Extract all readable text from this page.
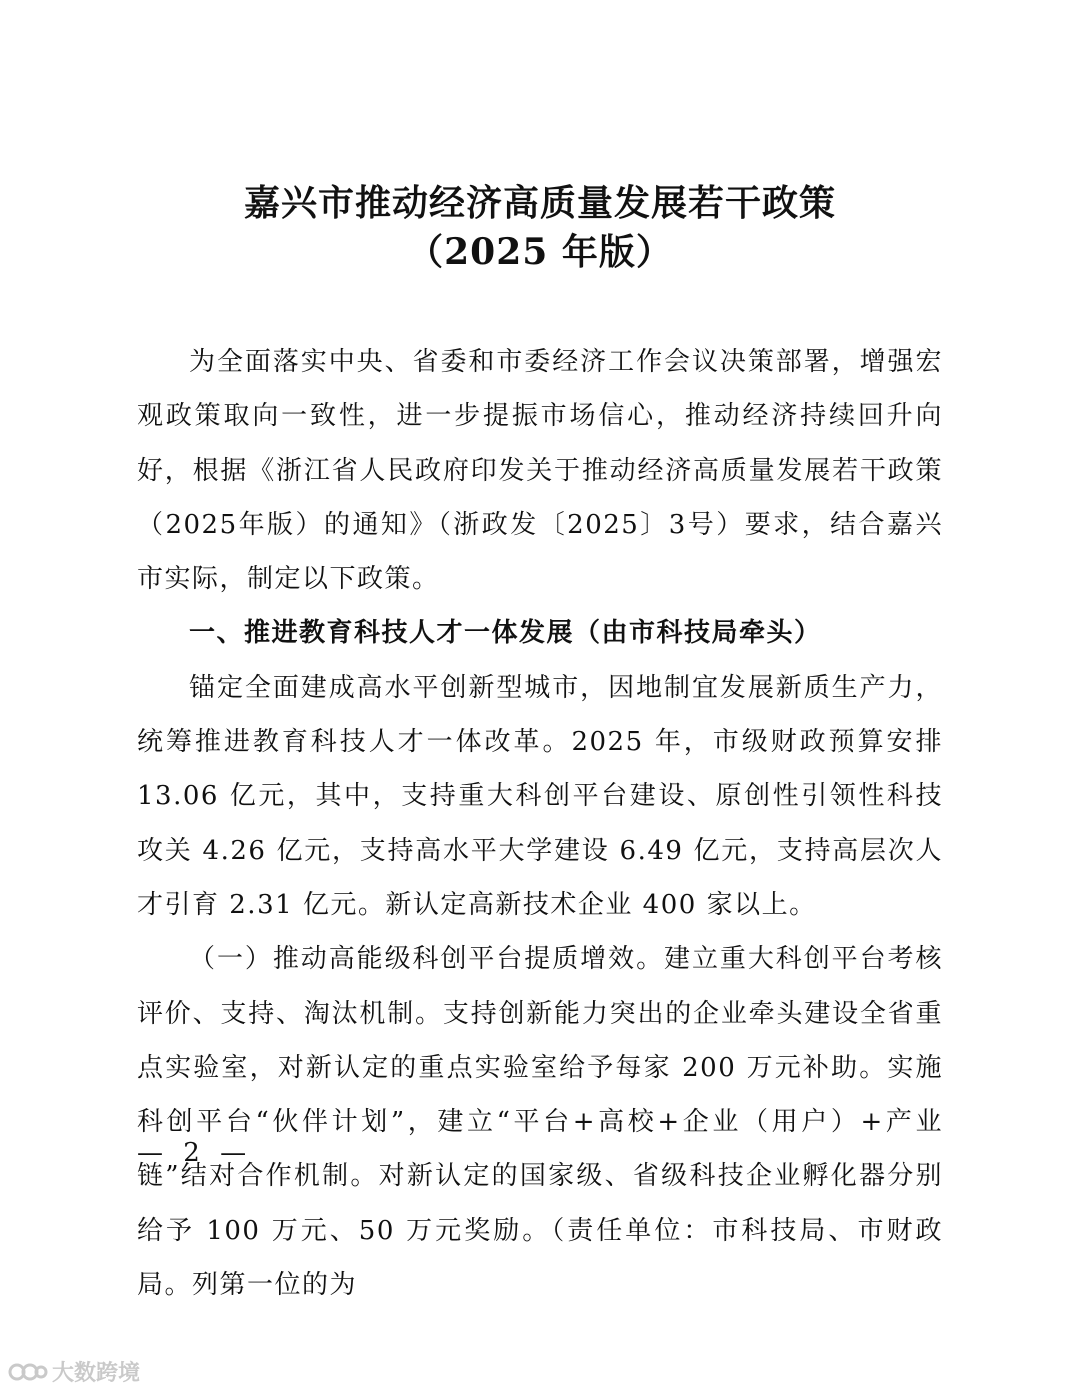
嘉兴市推动经济高质量发展若干政策
（2025 年版）

为全面落实中央、省委和市委经济工作会议决策部署，增强宏观政策取向一致性，进一步提振市场信心，推动经济持续回升向好，根据《浙江省人民政府印发关于推动经济高质量发展若干政策（2025年版）的通知》（浙政发〔2025〕3号）要求，结合嘉兴市实际，制定以下政策。

一、推进教育科技人才一体发展（由市科技局牵头）

锚定全面建成高水平创新型城市，因地制宜发展新质生产力，统筹推进教育科技人才一体改革。2025 年，市级财政预算安排 13.06 亿元，其中，支持重大科创平台建设、原创性引领性科技攻关 4.26 亿元，支持高水平大学建设 6.49 亿元，支持高层次人才引育 2.31 亿元。新认定高新技术企业 400 家以上。

（一）推动高能级科创平台提质增效。建立重大科创平台考核评价、支持、淘汰机制。支持创新能力突出的企业牵头建设全省重点实验室，对新认定的重点实验室给予每家 200 万元补助。实施科创平台“伙伴计划”，建立“平台+高校+企业（用户）+产业链”结对合作机制。对新认定的国家级、省级科技企业孵化器分别给予 100 万元、50 万元奖励。（责任单位：市科技局、市财政局。列第一位的为

— 2 —
大数跨境
